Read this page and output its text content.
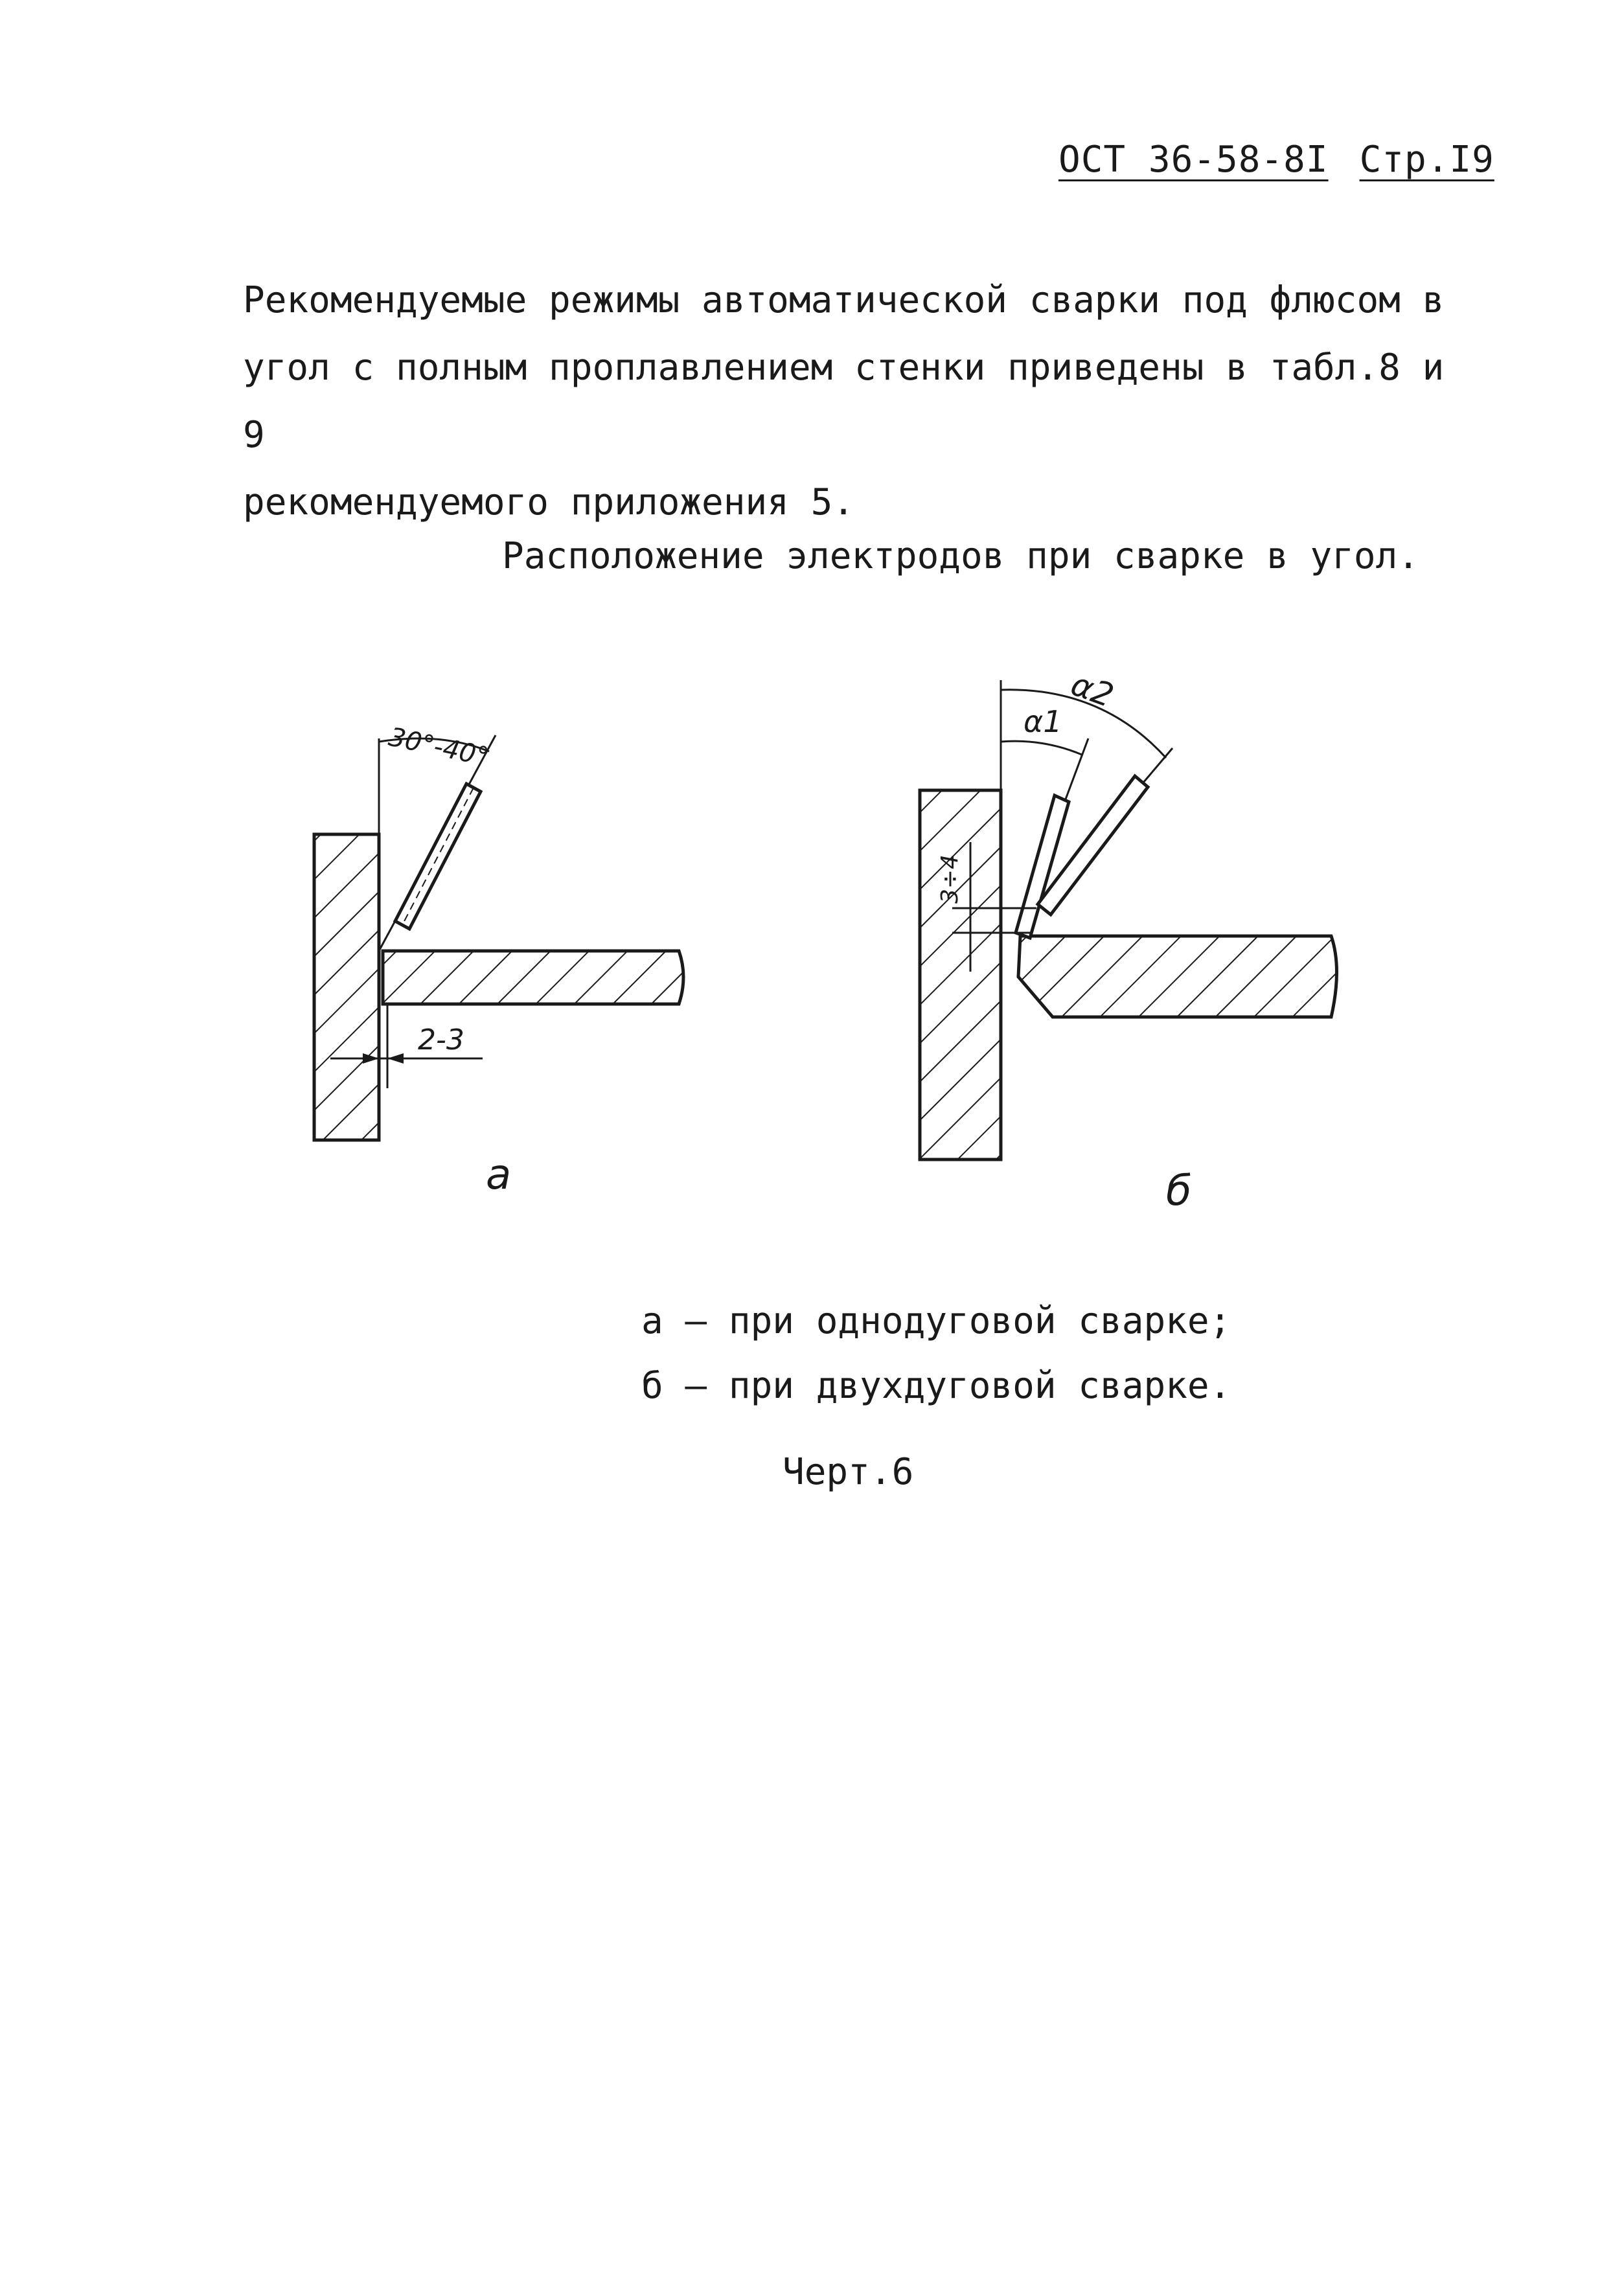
ОСТ 36-58-8I Стр.I9
Рекомендуемые режимы автоматической сварки под флюсом в
угол с полным проплавлением стенки приведены в табл.8 и 9
рекомендуемого приложения 5.
Расположение электродов при сварке в угол.
30°-40°
2-3
а
3÷4
α1
α2
б
а – при однодуговой сварке;
б – при двухдуговой сварке.
Черт.6
